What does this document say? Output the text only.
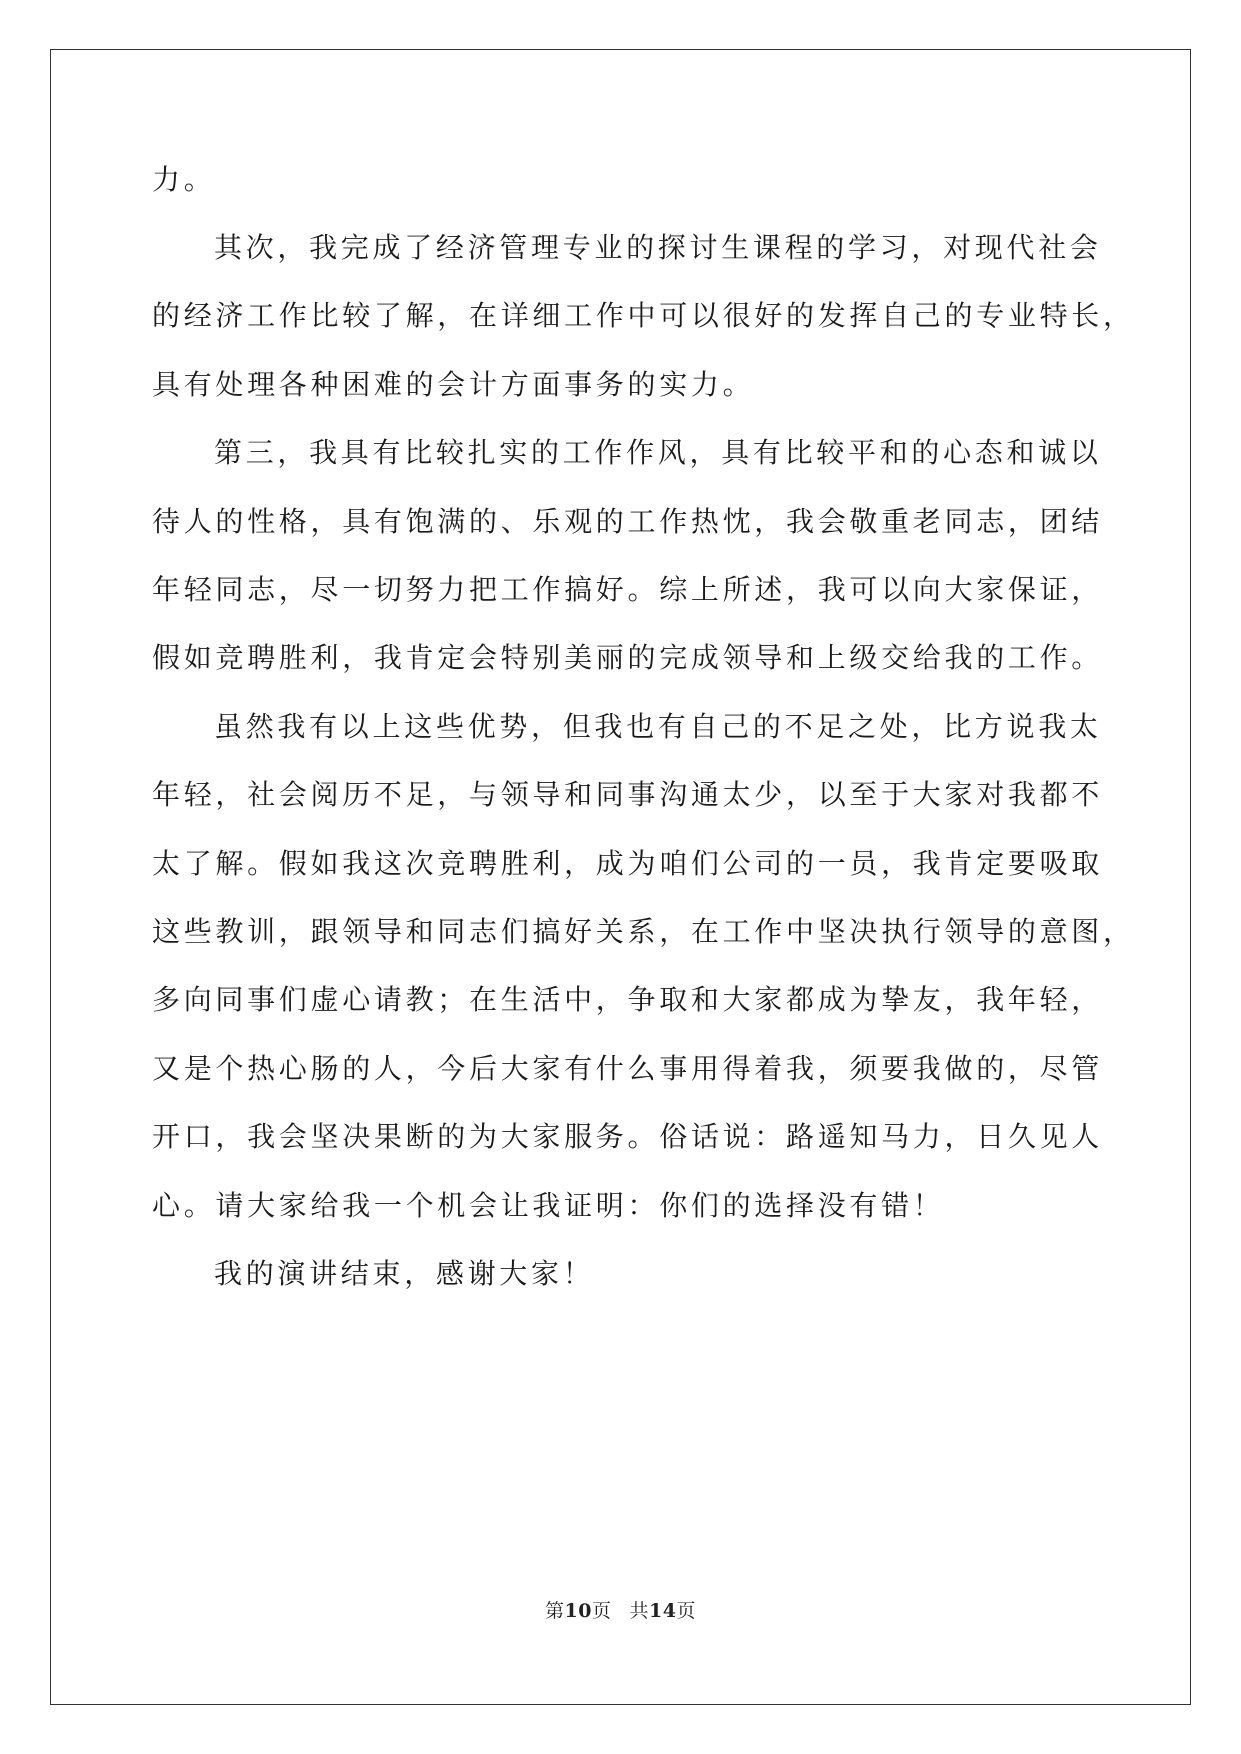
力。
其次，我完成了经济管理专业的探讨生课程的学习，对现代社会
的经济工作比较了解，在详细工作中可以很好的发挥自己的专业特长，
具有处理各种困难的会计方面事务的实力。
第三，我具有比较扎实的工作作风，具有比较平和的心态和诚以
待人的性格，具有饱满的、乐观的工作热忱，我会敬重老同志，团结
年轻同志，尽一切努力把工作搞好。综上所述，我可以向大家保证，
假如竞聘胜利，我肯定会特别美丽的完成领导和上级交给我的工作。
虽然我有以上这些优势，但我也有自己的不足之处，比方说我太
年轻，社会阅历不足，与领导和同事沟通太少，以至于大家对我都不
太了解。假如我这次竞聘胜利，成为咱们公司的一员，我肯定要吸取
这些教训，跟领导和同志们搞好关系，在工作中坚决执行领导的意图，
多向同事们虚心请教；在生活中，争取和大家都成为挚友，我年轻，
又是个热心肠的人，今后大家有什么事用得着我，须要我做的，尽管
开口，我会坚决果断的为大家服务。俗话说：路遥知马力，日久见人
心。请大家给我一个机会让我证明：你们的选择没有错！
我的演讲结束，感谢大家！
第10页 共14页
